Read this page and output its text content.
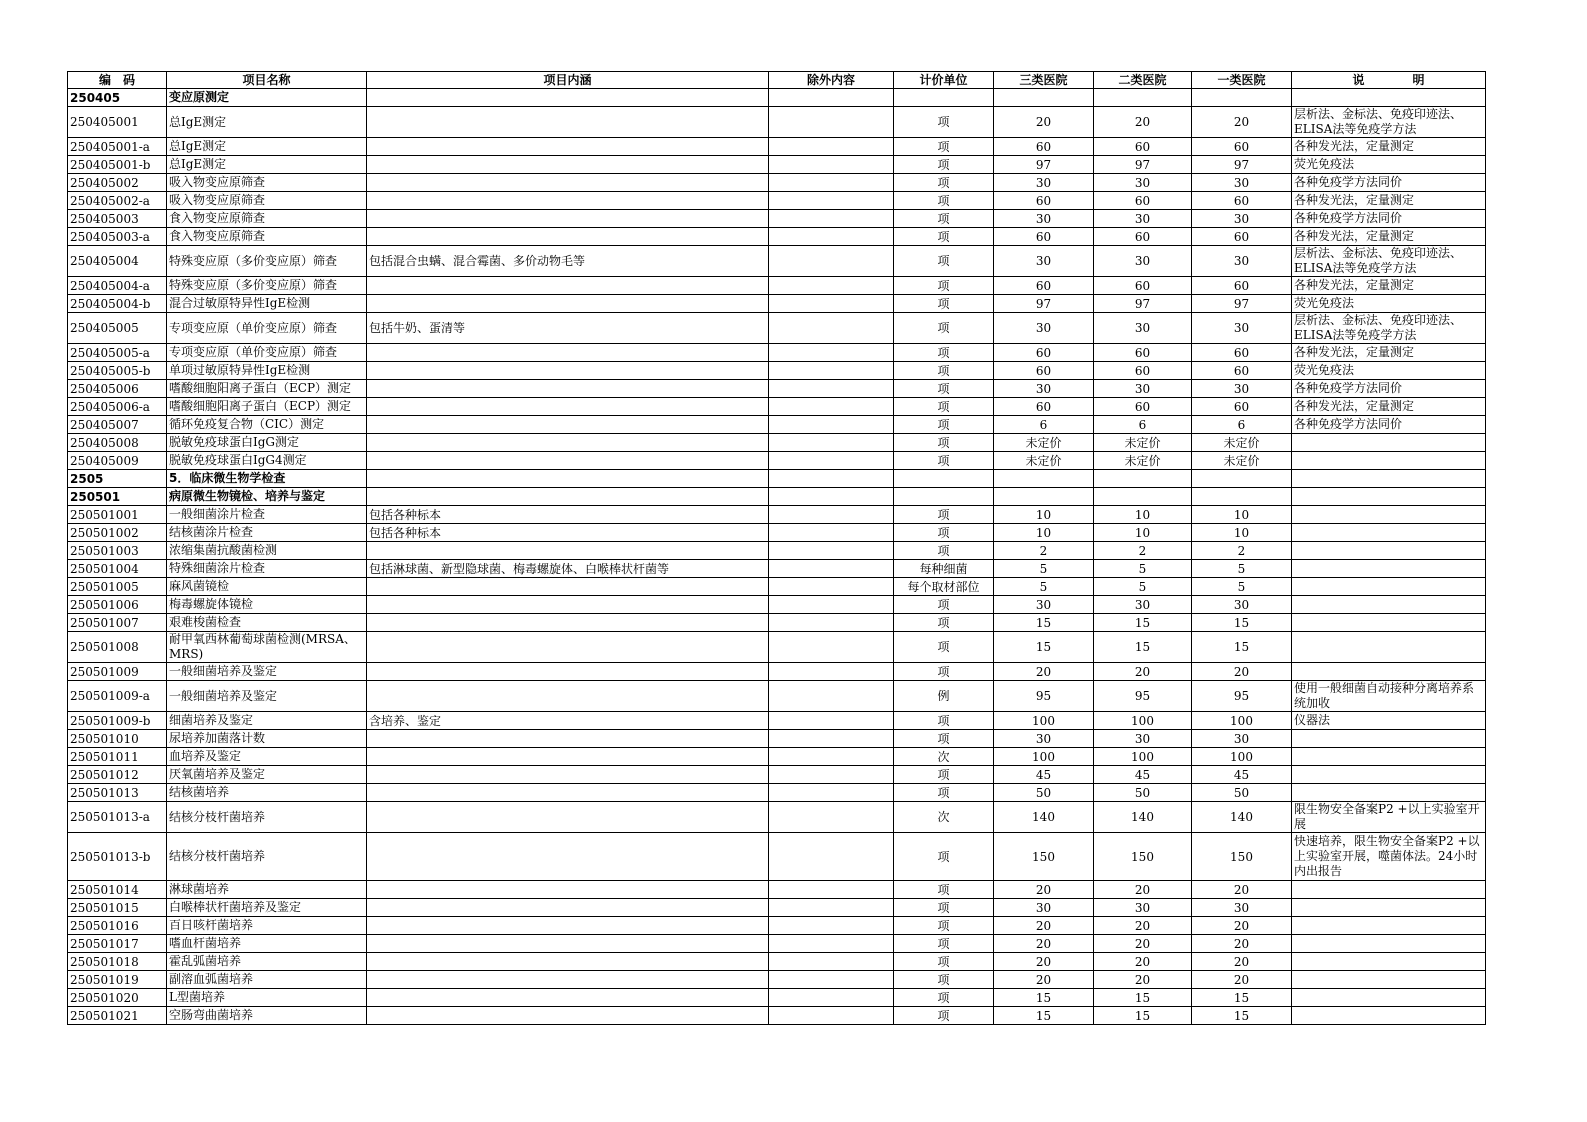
编　码	项目名称	项目内涵	除外内容	计价单位	三类医院	二类医院	一类医院	说　　　　明
250405	变应原测定							
250405001	总IgE测定			项	20	20	20	层析法、金标法、免疫印迹法、ELISA法等免疫学方法
250405001-a	总IgE测定			项	60	60	60	各种发光法，定量测定
250405001-b	总IgE测定			项	97	97	97	荧光免疫法
250405002	吸入物变应原筛查			项	30	30	30	各种免疫学方法同价
250405002-a	吸入物变应原筛查			项	60	60	60	各种发光法，定量测定
250405003	食入物变应原筛查			项	30	30	30	各种免疫学方法同价
250405003-a	食入物变应原筛查			项	60	60	60	各种发光法，定量测定
250405004	特殊变应原（多价变应原）筛查	包括混合虫螨、混合霉菌、多价动物毛等		项	30	30	30	层析法、金标法、免疫印迹法、ELISA法等免疫学方法
250405004-a	特殊变应原（多价变应原）筛查			项	60	60	60	各种发光法，定量测定
250405004-b	混合过敏原特异性IgE检测			项	97	97	97	荧光免疫法
250405005	专项变应原（单价变应原）筛查	包括牛奶、蛋清等		项	30	30	30	层析法、金标法、免疫印迹法、ELISA法等免疫学方法
250405005-a	专项变应原（单价变应原）筛查			项	60	60	60	各种发光法，定量测定
250405005-b	单项过敏原特异性IgE检测			项	60	60	60	荧光免疫法
250405006	嗜酸细胞阳离子蛋白（ECP）测定			项	30	30	30	各种免疫学方法同价
250405006-a	嗜酸细胞阳离子蛋白（ECP）测定			项	60	60	60	各种发光法，定量测定
250405007	循环免疫复合物（CIC）测定			项	6	6	6	各种免疫学方法同价
250405008	脱敏免疫球蛋白IgG测定			项	未定价	未定价	未定价	
250405009	脱敏免疫球蛋白IgG4测定			项	未定价	未定价	未定价	
2505	5．临床微生物学检查							
250501	病原微生物镜检、培养与鉴定							
250501001	一般细菌涂片检查	包括各种标本		项	10	10	10	
250501002	结核菌涂片检查	包括各种标本		项	10	10	10	
250501003	浓缩集菌抗酸菌检测			项	2	2	2	
250501004	特殊细菌涂片检查	包括淋球菌、新型隐球菌、梅毒螺旋体、白喉棒状杆菌等		每种细菌	5	5	5	
250501005	麻风菌镜检			每个取材部位	5	5	5	
250501006	梅毒螺旋体镜检			项	30	30	30	
250501007	艰难梭菌检查			项	15	15	15	
250501008	耐甲氧西林葡萄球菌检测(MRSA、MRS)			项	15	15	15	
250501009	一般细菌培养及鉴定			项	20	20	20	
250501009-a	一般细菌培养及鉴定			例	95	95	95	使用一般细菌自动接种分离培养系统加收
250501009-b	细菌培养及鉴定	含培养、鉴定		项	100	100	100	仪器法
250501010	尿培养加菌落计数			项	30	30	30	
250501011	血培养及鉴定			次	100	100	100	
250501012	厌氧菌培养及鉴定			项	45	45	45	
250501013	结核菌培养			项	50	50	50	
250501013-a	结核分枝杆菌培养			次	140	140	140	限生物安全备案P2 +以上实验室开展
250501013-b	结核分枝杆菌培养			项	150	150	150	快速培养，限生物安全备案P2 +以上实验室开展，噬菌体法。24小时内出报告
250501014	淋球菌培养			项	20	20	20	
250501015	白喉棒状杆菌培养及鉴定			项	30	30	30	
250501016	百日咳杆菌培养			项	20	20	20	
250501017	嗜血杆菌培养			项	20	20	20	
250501018	霍乱弧菌培养			项	20	20	20	
250501019	副溶血弧菌培养			项	20	20	20	
250501020	L型菌培养			项	15	15	15	
250501021	空肠弯曲菌培养			项	15	15	15	
